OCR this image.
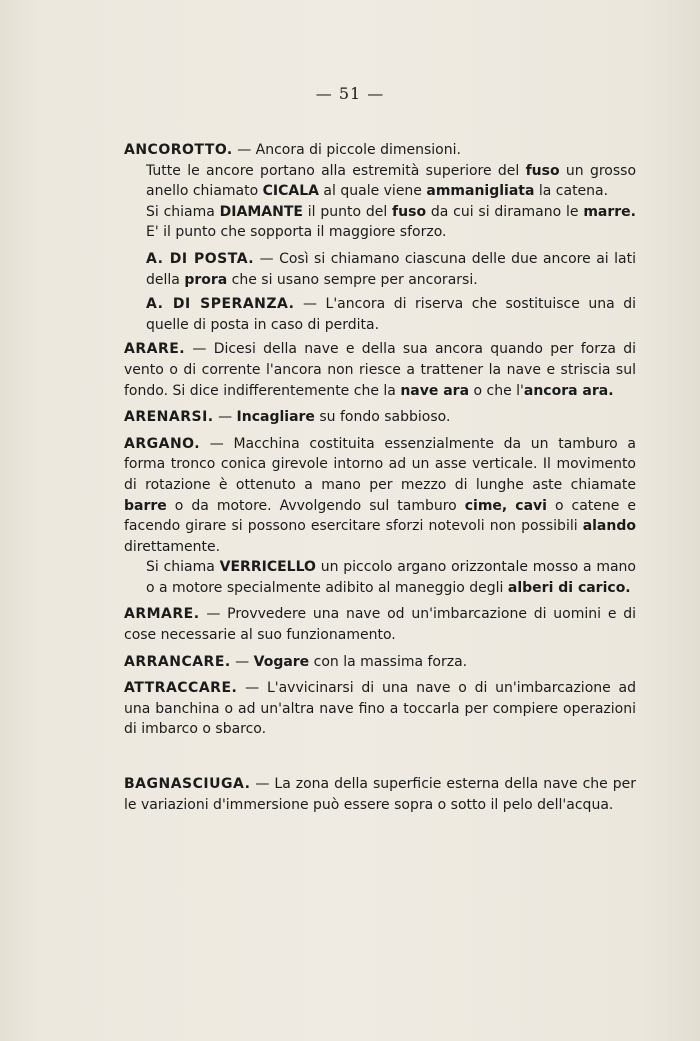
— 51 —

ANCOROTTO. — Ancora di piccole dimensioni.

Tutte le ancore portano alla estremità superiore del fuso un grosso anello chiamato CICALA al quale viene ammanigliata la catena.

Si chiama DIAMANTE il punto del fuso da cui si diramano le marre. E' il punto che sopporta il maggiore sforzo.

A. DI POSTA. — Così si chiamano ciascuna delle due ancore ai lati della prora che si usano sempre per ancorarsi.
A. DI SPERANZA. — L'ancora di riserva che sostituisce una di quelle di posta in caso di perdita.
ARARE. — Dicesi della nave e della sua ancora quando per forza di vento o di corrente l'ancora non riesce a trattener la nave e striscia sul fondo. Si dice indifferentemente che la nave ara o che l'ancora ara.
ARENARSI. — Incagliare su fondo sabbioso.

ARGANO. — Macchina costituita essenzialmente da un tamburo a forma tronco conica girevole intorno ad un asse verticale. Il movimento di rotazione è ottenuto a mano per mezzo di lunghe aste chiamate barre o da motore. Avvolgendo sul tamburo cime, cavi o catene e facendo girare si possono esercitare sforzi notevoli non possibili alando direttamente.

Si chiama VERRICELLO un piccolo argano orizzontale mosso a mano o a motore specialmente adibito al maneggio degli alberi di carico.

ARMARE. — Provvedere una nave od un'imbarcazione di uomini e di cose necessarie al suo funzionamento.
ARRANCARE. — Vogare con la massima forza.
ATTRACCARE. — L'avvicinarsi di una nave o di un'imbarcazione ad una banchina o ad un'altra nave fino a toccarla per compiere operazioni di imbarco o sbarco.
BAGNASCIUGA. — La zona della superficie esterna della nave che per le variazioni d'immersione può essere sopra o sotto il pelo dell'acqua.
